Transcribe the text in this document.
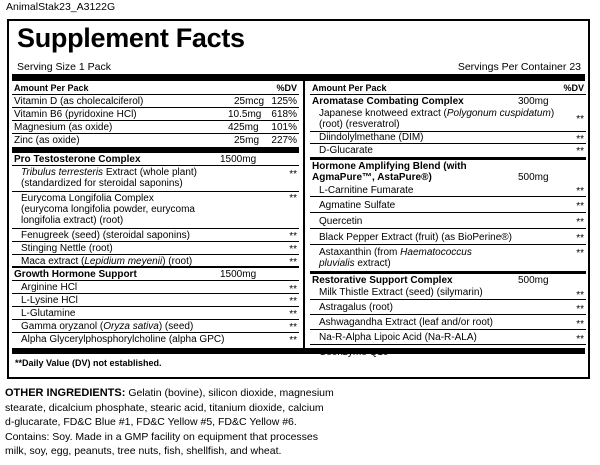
AnimalStak23_A3122G
Supplement Facts
Serving Size 1 Pack	Servings Per Container 23
Amount Per Pack	%DV
Vitamin D (as cholecalciferol)	25mcg 125%
Vitamin B6 (pyridoxine HCl)	10.5mg 618%
Magnesium (as oxide)	425mg 101%
Zinc (as oxide)	25mg 227%
Pro Testosterone Complex	1500mg
Tribulus terresteris Extract (whole plant)
(standardized for steroidal saponins)
**
Eurycoma Longifolia Complex
(eurycoma longifolia powder, eurycoma
longifolia extract) (root)
**
Fenugreek (seed) (steroidal saponins)	**
Stinging Nettle (root)	**
Maca extract (Lepidium meyenii) (root)	**
Growth Hormone Support	1500mg
Arginine HCl	**
L-Lysine HCl	**
L-Glutamine	**
Gamma oryzanol (Oryza sativa) (seed)	**
Alpha Glycerylphosphorylcholine (alpha GPC)	**
Amount Per Pack	%DV
Aromatase Combating Complex	300mg
Japanese knotweed extract (Polygonum cuspidatum)
(root) (resveratrol)	**
Diindolylmethane (DIM)	**
D-Glucarate	**
Hormone Amplifying Blend (with
AgmaPure™, AstaPure®)	500mg
L-Carnitine Fumarate	**
Agmatine Sulfate	**
Quercetin	**
Black Pepper Extract (fruit) (as BioPerine®)	**
Astaxanthin (from Haematococcus
pluvialis extract)
**
Restorative Support Complex	500mg
Milk Thistle Extract (seed) (silymarin)	**
Astragalus (root)	**
Ashwagandha Extract (leaf and/or root)	**
Na-R-Alpha Lipoic Acid (Na-R-ALA)	**
**Daily Value (DV) not established.
OTHER INGREDIENTS: Gelatin (bovine), silicon dioxide, magnesium
stearate, dicalcium phosphate, stearic acid, titanium dioxide, calcium
d-glucarate, FD&C Blue #1, FD&C Yellow #5, FD&C Yellow #6.
Contains: Soy. Made in a GMP facility on equipment that processes
milk, soy, egg, peanuts, tree nuts, fish, shellfish, and wheat.
